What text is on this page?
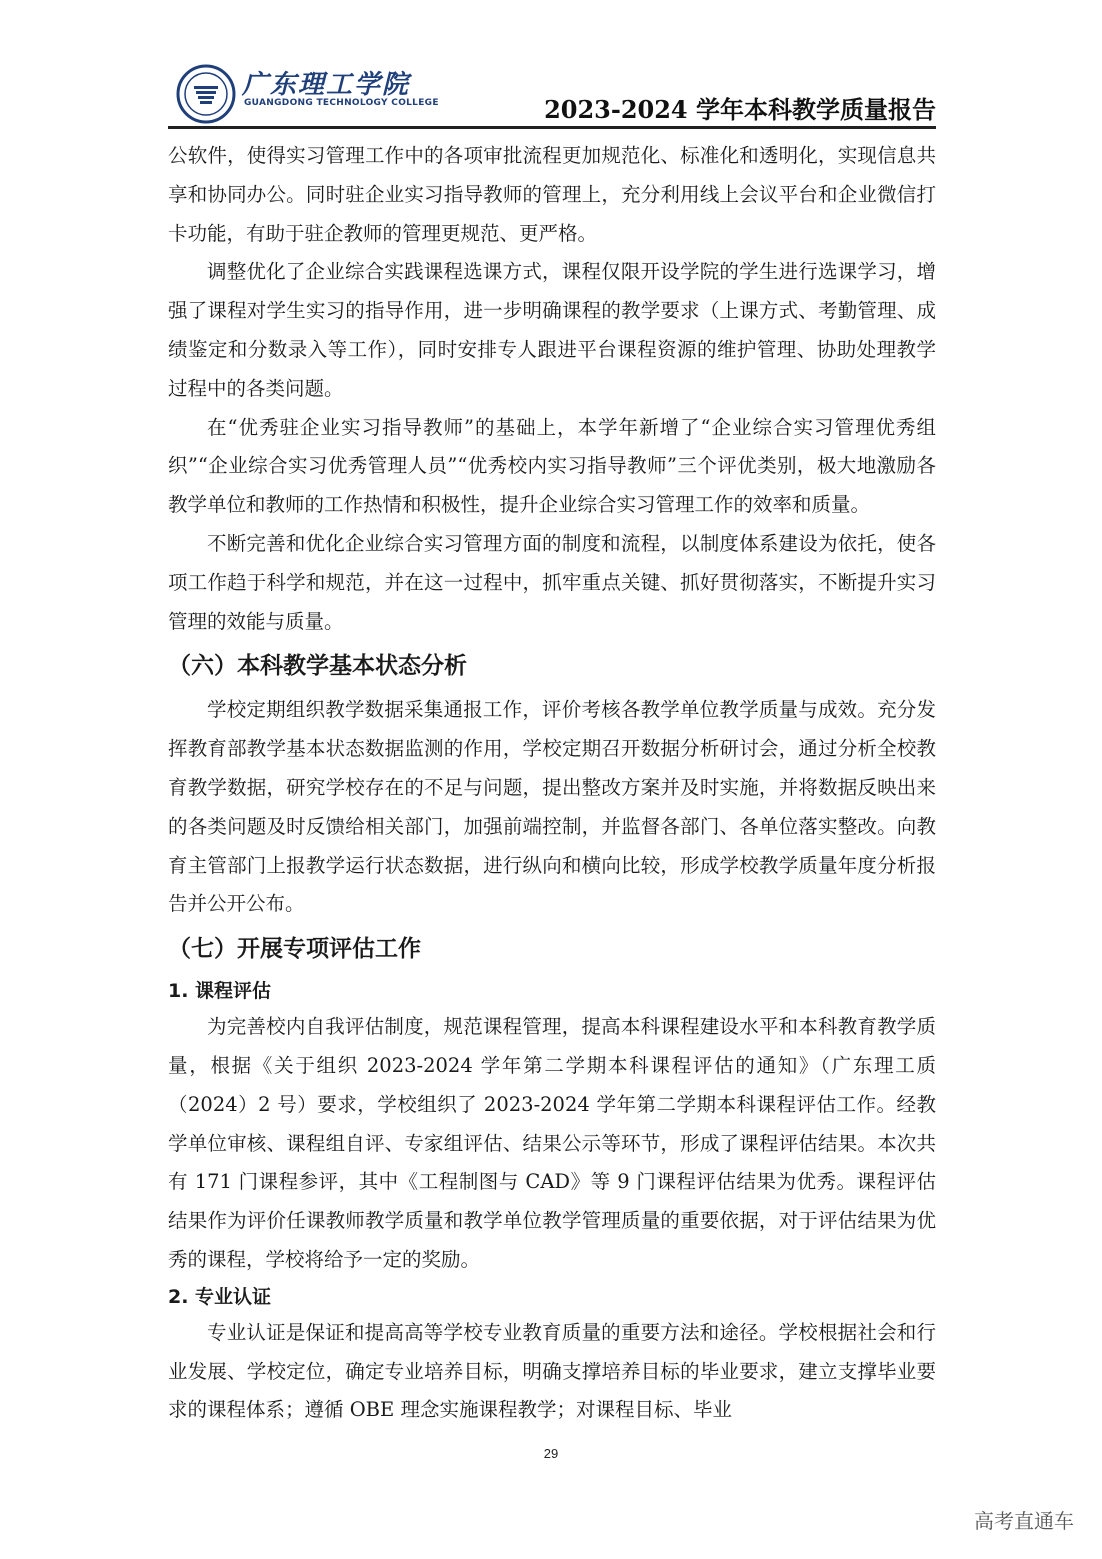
广东理工学院
GUANGDONG TECHNOLOGY COLLEGE	2023-2024 学年本科教学质量报告

公软件，使得实习管理工作中的各项审批流程更加规范化、标准化和透明化，实现信息共享和协同办公。同时驻企业实习指导教师的管理上，充分利用线上会议平台和企业微信打卡功能，有助于驻企教师的管理更规范、更严格。

调整优化了企业综合实践课程选课方式，课程仅限开设学院的学生进行选课学习，增强了课程对学生实习的指导作用，进一步明确课程的教学要求（上课方式、考勤管理、成绩鉴定和分数录入等工作），同时安排专人跟进平台课程资源的维护管理、协助处理教学过程中的各类问题。

在“优秀驻企业实习指导教师”的基础上，本学年新增了“企业综合实习管理优秀组织”“企业综合实习优秀管理人员”“优秀校内实习指导教师”三个评优类别，极大地激励各教学单位和教师的工作热情和积极性，提升企业综合实习管理工作的效率和质量。

不断完善和优化企业综合实习管理方面的制度和流程，以制度体系建设为依托，使各项工作趋于科学和规范，并在这一过程中，抓牢重点关键、抓好贯彻落实，不断提升实习管理的效能与质量。

（六）本科教学基本状态分析

学校定期组织教学数据采集通报工作，评价考核各教学单位教学质量与成效。充分发挥教育部教学基本状态数据监测的作用，学校定期召开数据分析研讨会，通过分析全校教育教学数据，研究学校存在的不足与问题，提出整改方案并及时实施，并将数据反映出来的各类问题及时反馈给相关部门，加强前端控制，并监督各部门、各单位落实整改。向教育主管部门上报教学运行状态数据，进行纵向和横向比较，形成学校教学质量年度分析报告并公开公布。

（七）开展专项评估工作
1. 课程评估

为完善校内自我评估制度，规范课程管理，提高本科课程建设水平和本科教育教学质量，根据《关于组织 2023-2024 学年第二学期本科课程评估的通知》（广东理工质（2024）2 号）要求，学校组织了 2023-2024 学年第二学期本科课程评估工作。经教学单位审核、课程组自评、专家组评估、结果公示等环节，形成了课程评估结果。本次共有 171 门课程参评，其中《工程制图与 CAD》等 9 门课程评估结果为优秀。课程评估结果作为评价任课教师教学质量和教学单位教学管理质量的重要依据，对于评估结果为优秀的课程，学校将给予一定的奖励。

2. 专业认证

专业认证是保证和提高高等学校专业教育质量的重要方法和途径。学校根据社会和行业发展、学校定位，确定专业培养目标，明确支撑培养目标的毕业要求，建立支撑毕业要求的课程体系；遵循 OBE 理念实施课程教学；对课程目标、毕业

29
高考直通车
